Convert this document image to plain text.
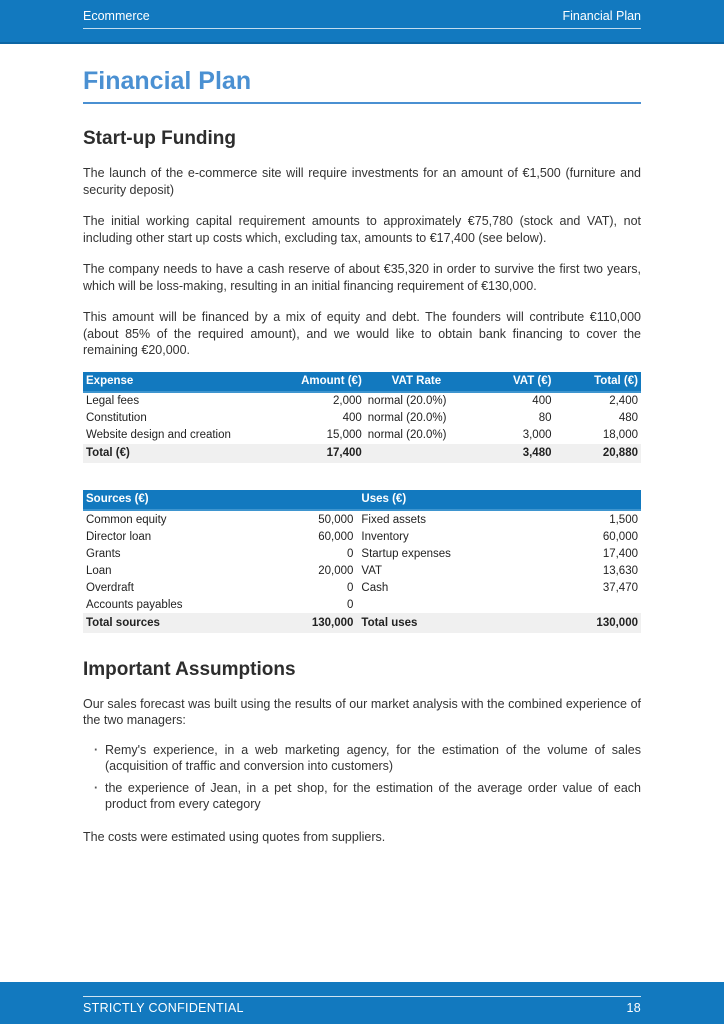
Ecommerce	Financial Plan
Financial Plan
Start-up Funding

The launch of the e-commerce site will require investments for an amount of €1,500 (furniture and security deposit)

The initial working capital requirement amounts to approximately €75,780 (stock and VAT), not including other start up costs which, excluding tax, amounts to €17,400 (see below).

The company needs to have a cash reserve of about €35,320 in order to survive the first two years, which will be loss-making, resulting in an initial financing requirement of €130,000.

This amount will be financed by a mix of equity and debt. The founders will contribute €110,000 (about 85% of the required amount), and we would like to obtain bank financing to cover the remaining €20,000.

Expense	Amount (€)	VAT Rate	VAT (€)	Total (€)
Legal fees	2,000	normal (20.0%)	400	2,400
Constitution	400	normal (20.0%)	80	480
Website design and creation	15,000	normal (20.0%)	3,000	18,000
Total (€)	17,400		3,480	20,880
Sources (€)		Uses (€)	
Common equity	50,000	Fixed assets	1,500
Director loan	60,000	Inventory	60,000
Grants	0	Startup expenses	17,400
Loan	20,000	VAT	13,630
Overdraft	0	Cash	37,470
Accounts payables	0		
Total sources	130,000	Total uses	130,000
Important Assumptions

Our sales forecast was built using the results of our market analysis with the combined experience of the two managers:

· Remy's experience, in a web marketing agency, for the estimation of the volume of sales (acquisition of traffic and conversion into customers)
· the experience of Jean, in a pet shop, for the estimation of the average order value of each product from every category

The costs were estimated using quotes from suppliers.

STRICTLY CONFIDENTIAL	18
